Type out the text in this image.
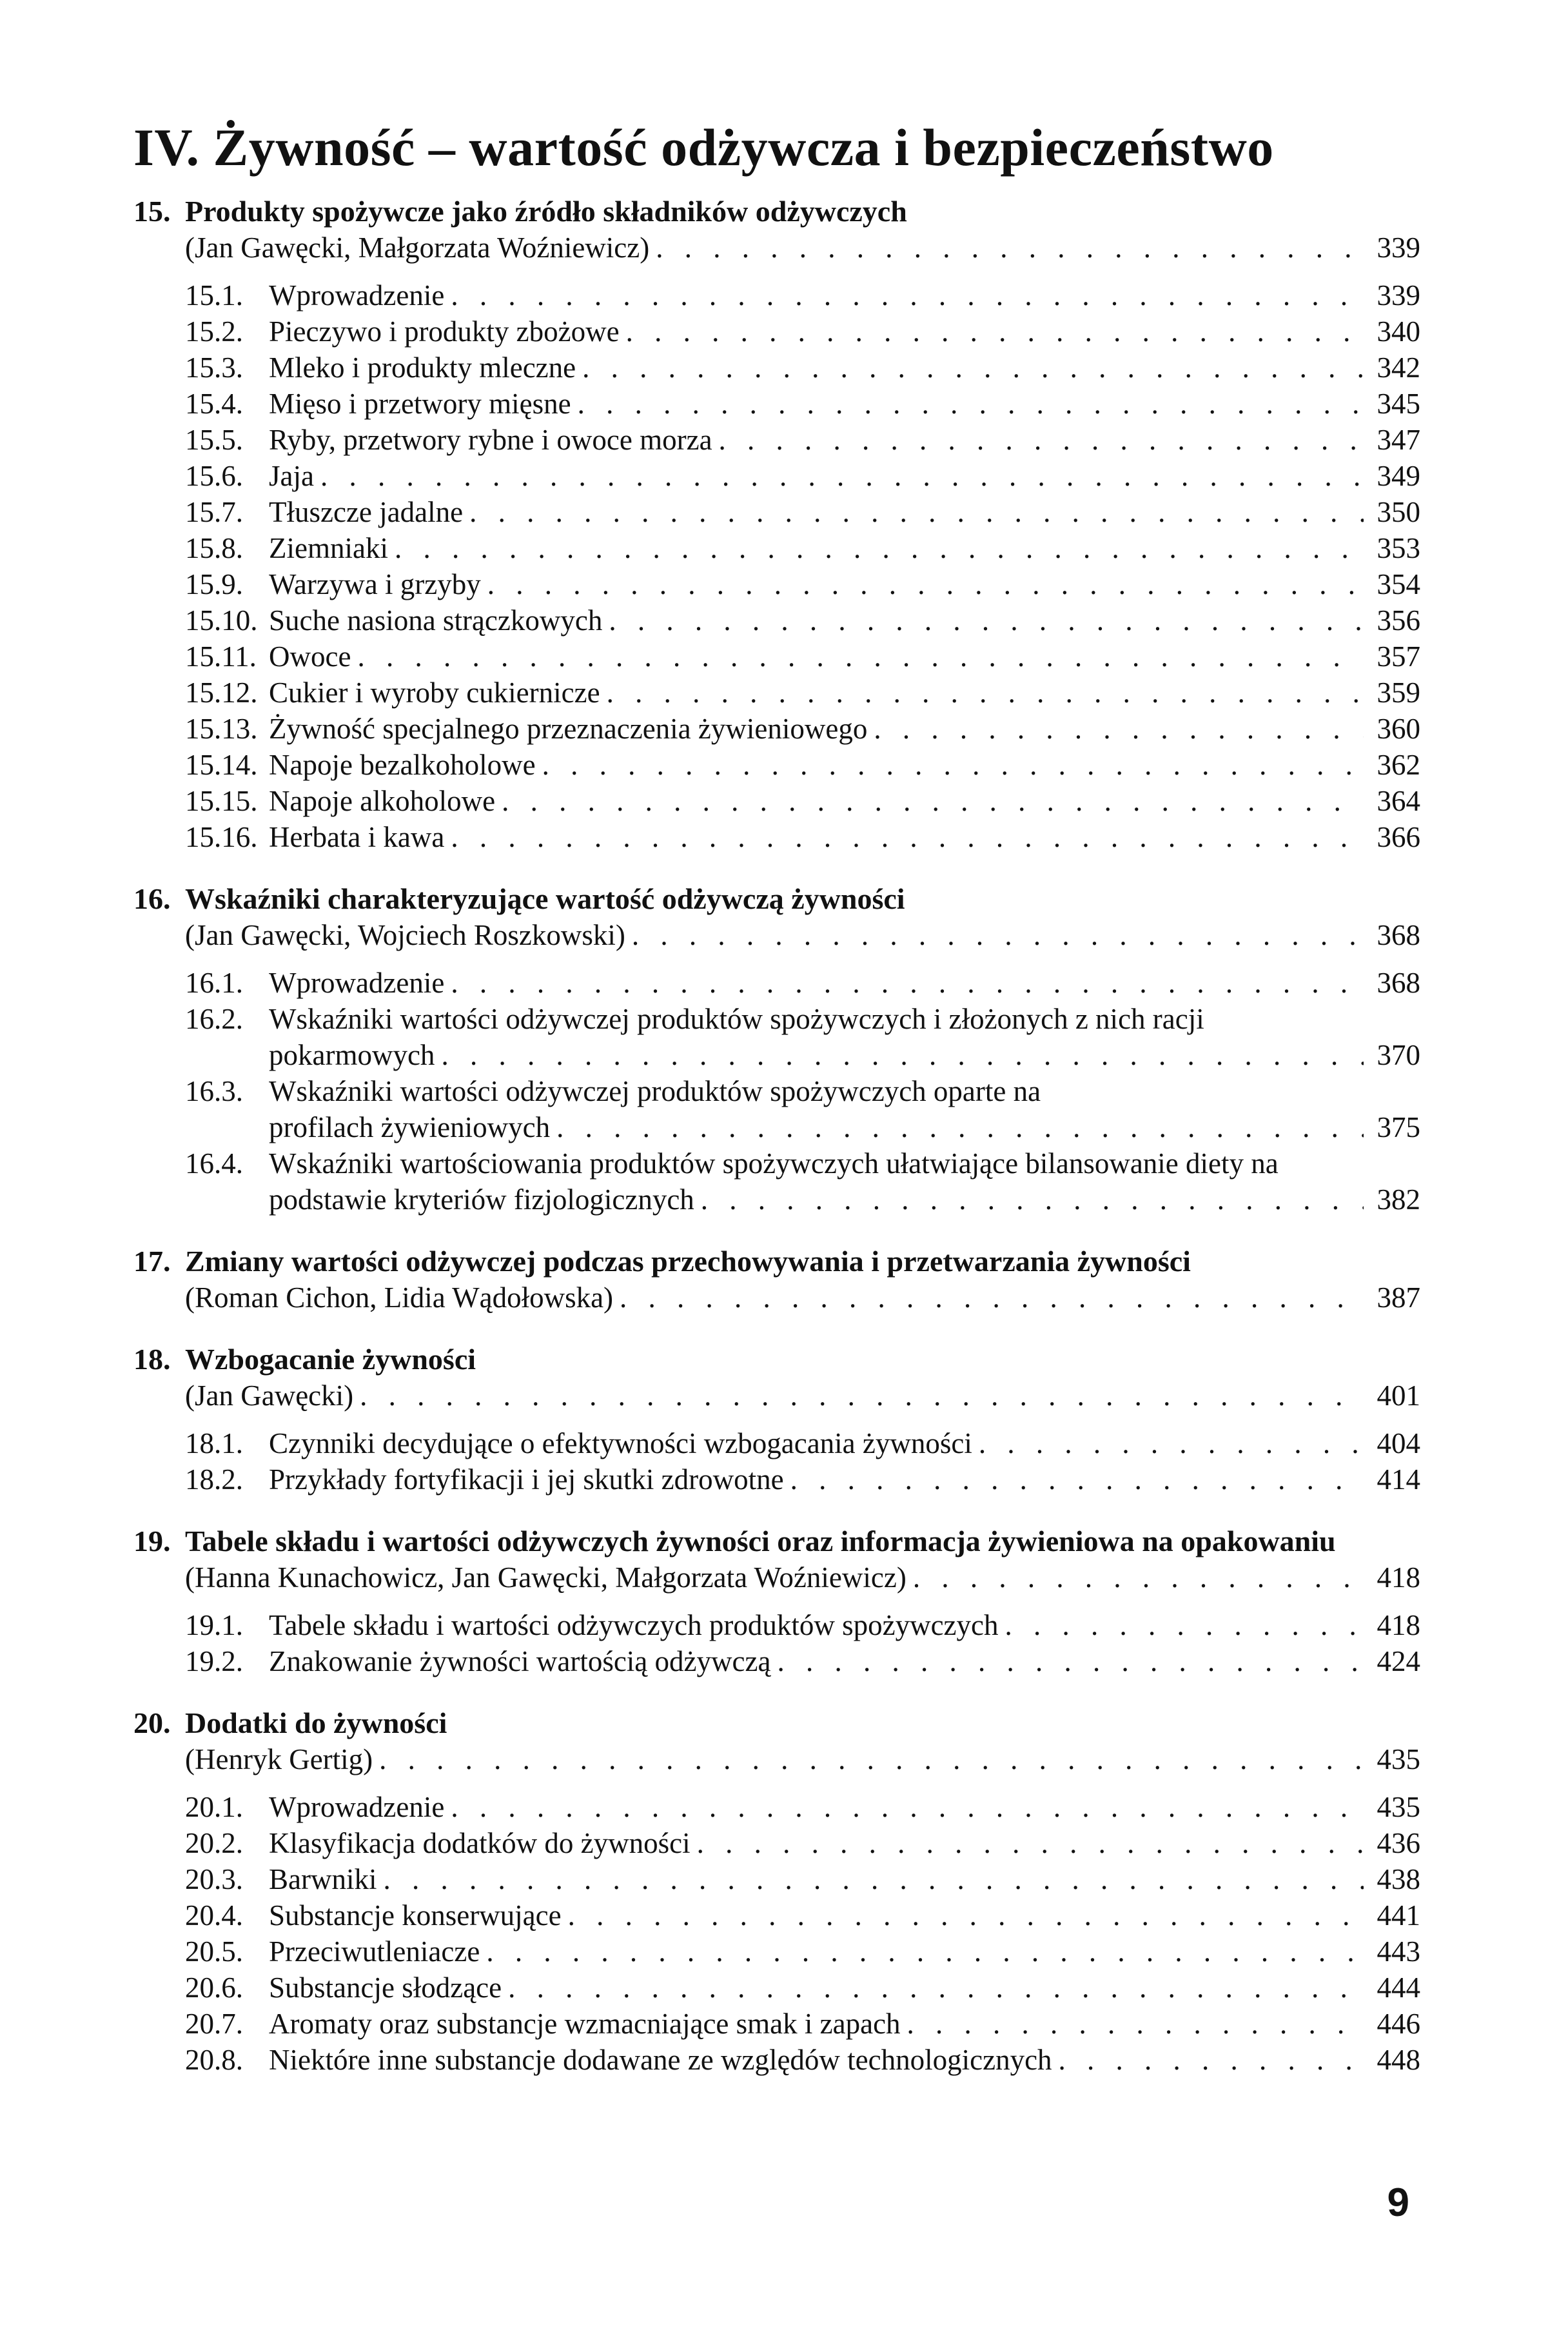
IV. Żywność – wartość odżywcza i bezpieczeństwo
15. Produkty spożywcze jako źródło składników odżywczych
(Jan Gawęcki, Małgorzata Woźniewicz) . . .	339
15.1. Wprowadzenie . . .	339
15.2. Pieczywo i produkty zbożowe . . .	340
15.3. Mleko i produkty mleczne . . .	342
15.4. Mięso i przetwory mięsne . . .	345
15.5. Ryby, przetwory rybne i owoce morza . . .	347
15.6. Jaja . . .	349
15.7. Tłuszcze jadalne . . .	350
15.8. Ziemniaki . . .	353
15.9. Warzywa i grzyby . . .	354
15.10. Suche nasiona strączkowych . . .	356
15.11. Owoce . . .	357
15.12. Cukier i wyroby cukiernicze . . .	359
15.13. Żywność specjalnego przeznaczenia żywieniowego . . .	360
15.14. Napoje bezalkoholowe . . .	362
15.15. Napoje alkoholowe . . .	364
15.16. Herbata i kawa . . .	366
16. Wskaźniki charakteryzujące wartość odżywczą żywności
(Jan Gawęcki, Wojciech Roszkowski) . . .	368
16.1. Wprowadzenie . . .	368
16.2. Wskaźniki wartości odżywczej produktów spożywczych i złożonych z nich racji
pokarmowych . . .	370
16.3. Wskaźniki wartości odżywczej produktów spożywczych oparte na
profilach żywieniowych . . .	375
16.4. Wskaźniki wartościowania produktów spożywczych ułatwiające bilansowanie diety na
podstawie kryteriów fizjologicznych . . .	382
17. Zmiany wartości odżywczej podczas przechowywania i przetwarzania żywności
(Roman Cichon, Lidia Wądołowska) . . .	387
18. Wzbogacanie żywności
(Jan Gawęcki) . . .	401
18.1. Czynniki decydujące o efektywności wzbogacania żywności . . .	404
18.2. Przykłady fortyfikacji i jej skutki zdrowotne . . .	414
19. Tabele składu i wartości odżywczych żywności oraz informacja żywieniowa na opakowaniu
(Hanna Kunachowicz, Jan Gawęcki, Małgorzata Woźniewicz) . . .	418
19.1. Tabele składu i wartości odżywczych produktów spożywczych . . .	418
19.2. Znakowanie żywności wartością odżywczą . . .	424
20. Dodatki do żywności
(Henryk Gertig) . . .	435
20.1. Wprowadzenie . . .	435
20.2. Klasyfikacja dodatków do żywności . . .	436
20.3. Barwniki . . .	438
20.4. Substancje konserwujące . . .	441
20.5. Przeciwutleniacze . . .	443
20.6. Substancje słodzące . . .	444
20.7. Aromaty oraz substancje wzmacniające smak i zapach . . .	446
20.8. Niektóre inne substancje dodawane ze względów technologicznych . . .	448
9
